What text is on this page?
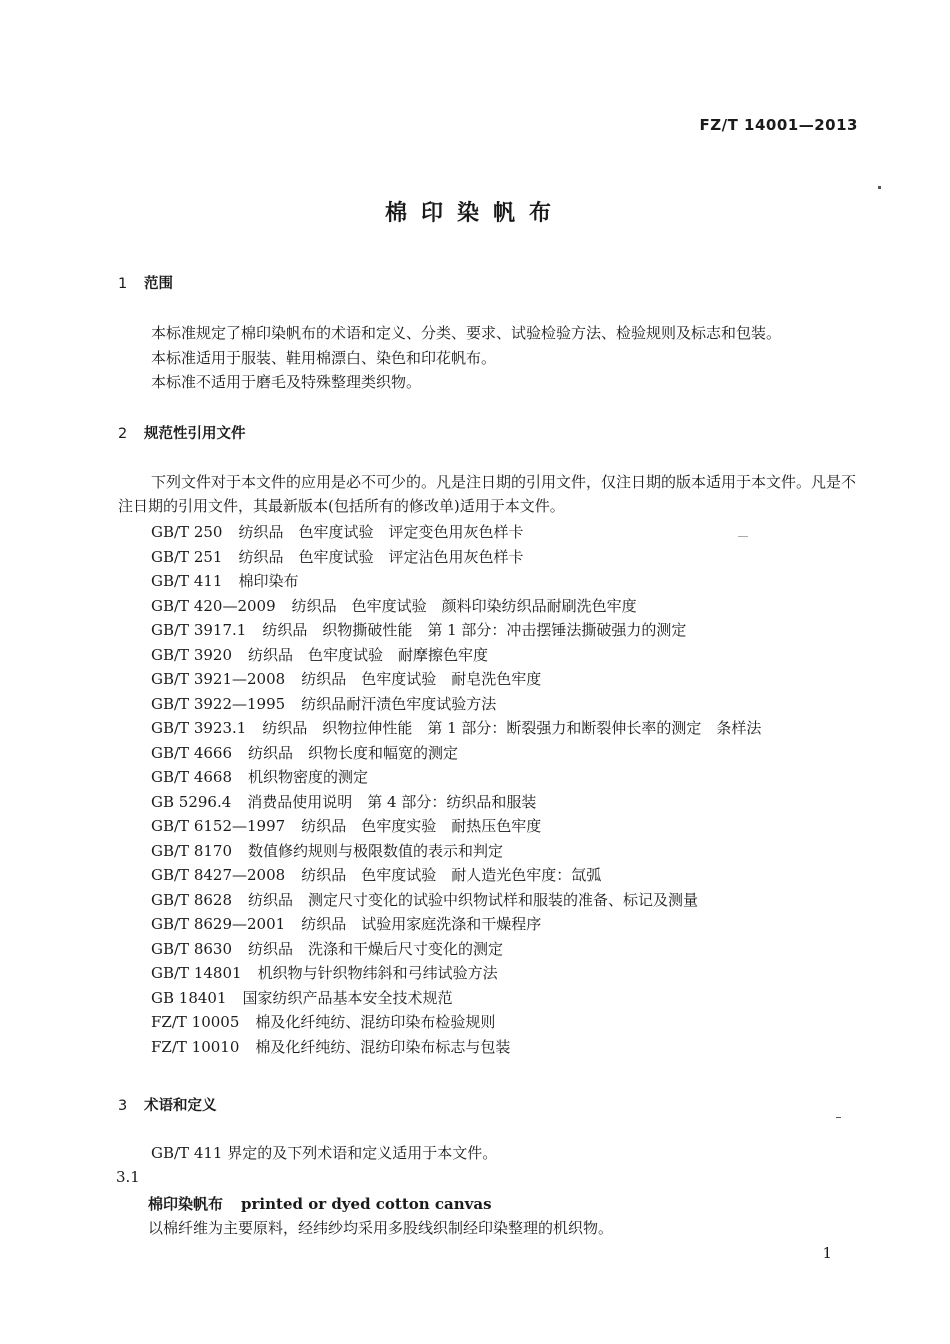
FZ/T 14001—2013
棉印染帆布
1 范围
本标准规定了棉印染帆布的术语和定义、分类、要求、试验检验方法、检验规则及标志和包装。
本标准适用于服装、鞋用棉漂白、染色和印花帆布。
本标准不适用于磨毛及特殊整理类织物。
2 规范性引用文件
下列文件对于本文件的应用是必不可少的。凡是注日期的引用文件，仅注日期的版本适用于本文件。凡是不注日期的引用文件，其最新版本(包括所有的修改单)适用于本文件。
GB/T 250 纺织品　色牢度试验　评定变色用灰色样卡
GB/T 251 纺织品　色牢度试验　评定沾色用灰色样卡
GB/T 411 棉印染布
GB/T 420—2009 纺织品　色牢度试验　颜料印染纺织品耐刷洗色牢度
GB/T 3917.1 纺织品　织物撕破性能　第 1 部分：冲击摆锤法撕破强力的测定
GB/T 3920 纺织品　色牢度试验　耐摩擦色牢度
GB/T 3921—2008 纺织品　色牢度试验　耐皂洗色牢度
GB/T 3922—1995 纺织品耐汗渍色牢度试验方法
GB/T 3923.1 纺织品　织物拉伸性能　第 1 部分：断裂强力和断裂伸长率的测定　条样法
GB/T 4666 纺织品　织物长度和幅宽的测定
GB/T 4668 机织物密度的测定
GB 5296.4 消费品使用说明　第 4 部分：纺织品和服装
GB/T 6152—1997 纺织品　色牢度实验　耐热压色牢度
GB/T 8170 数值修约规则与极限数值的表示和判定
GB/T 8427—2008 纺织品　色牢度试验　耐人造光色牢度：氙弧
GB/T 8628 纺织品　测定尺寸变化的试验中织物试样和服装的准备、标记及测量
GB/T 8629—2001 纺织品　试验用家庭洗涤和干燥程序
GB/T 8630 纺织品　洗涤和干燥后尺寸变化的测定
GB/T 14801 机织物与针织物纬斜和弓纬试验方法
GB 18401 国家纺织产品基本安全技术规范
FZ/T 10005 棉及化纤纯纺、混纺印染布检验规则
FZ/T 10010 棉及化纤纯纺、混纺印染布标志与包装
3 术语和定义
GB/T 411 界定的及下列术语和定义适用于本文件。
3.1
棉印染帆布 printed or dyed cotton canvas
以棉纤维为主要原料，经纬纱均采用多股线织制经印染整理的机织物。
1
